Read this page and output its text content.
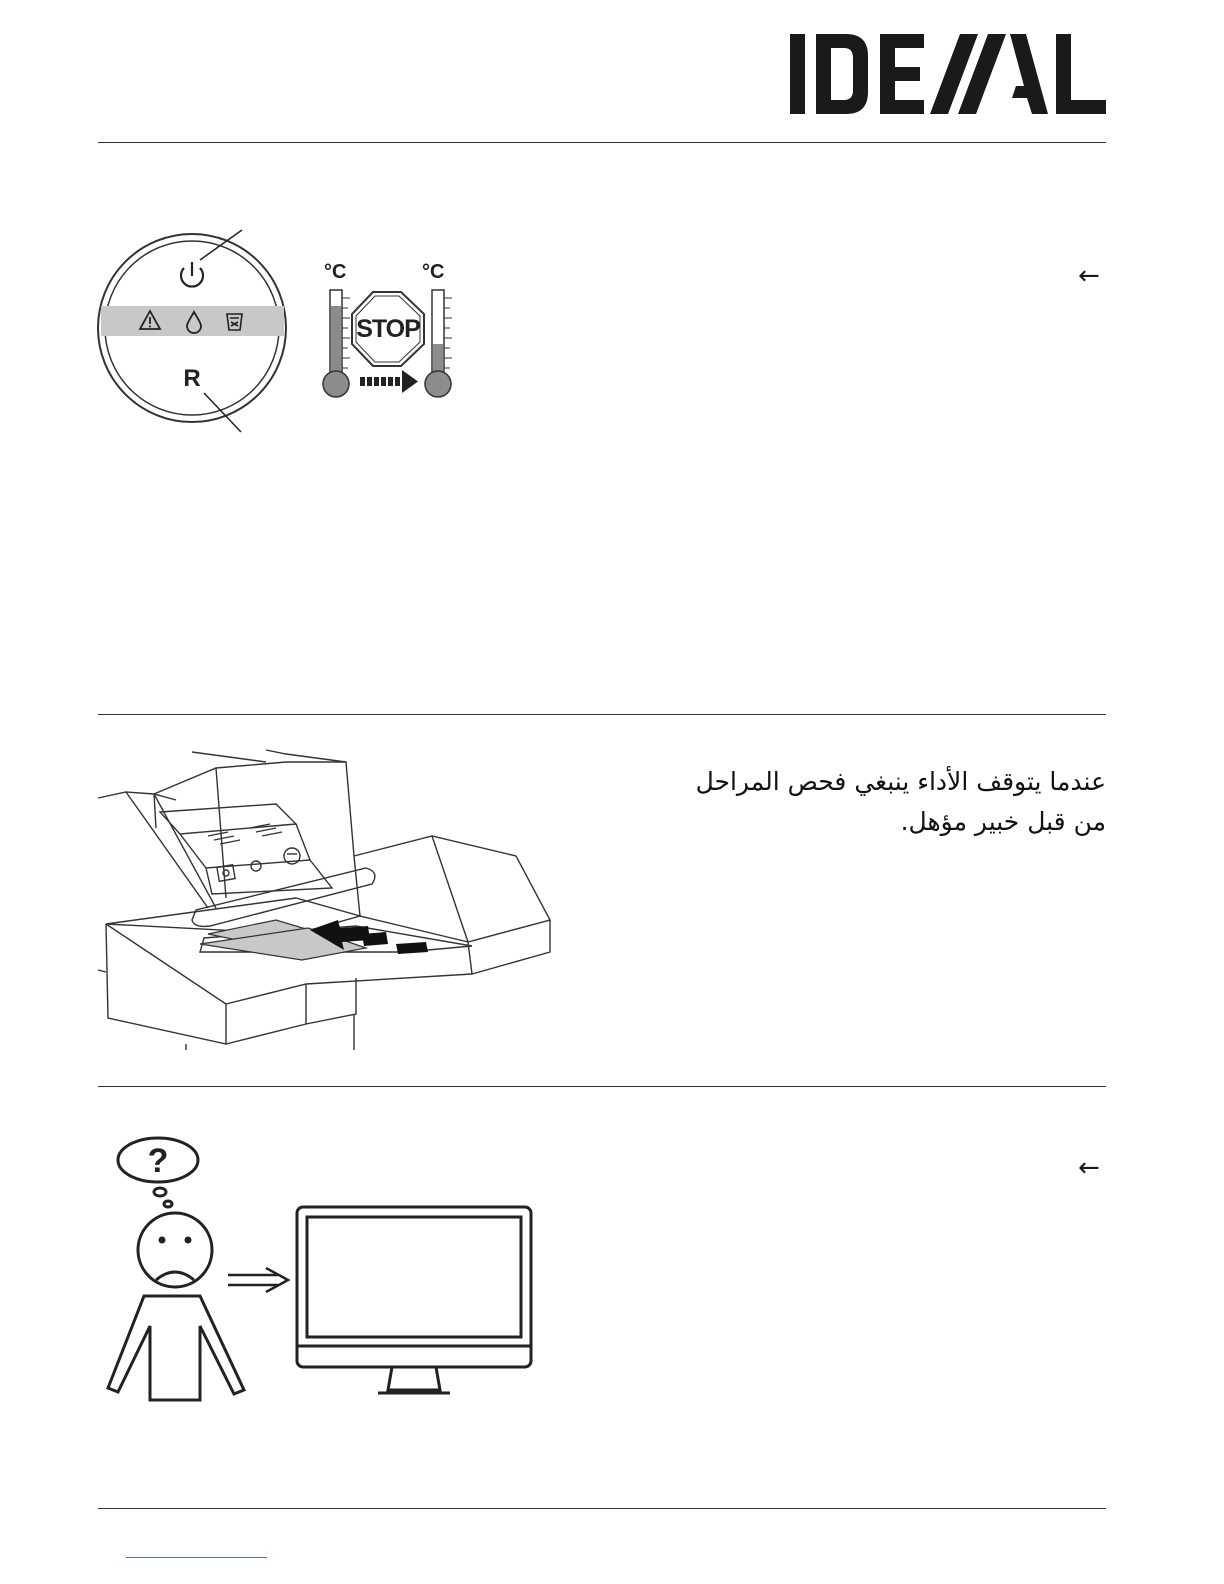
R
°C	°C
STOP
←
عندما يتوقف الأداء ينبغي فحص المراحل
من قبل خبير مؤهل.
?	←
